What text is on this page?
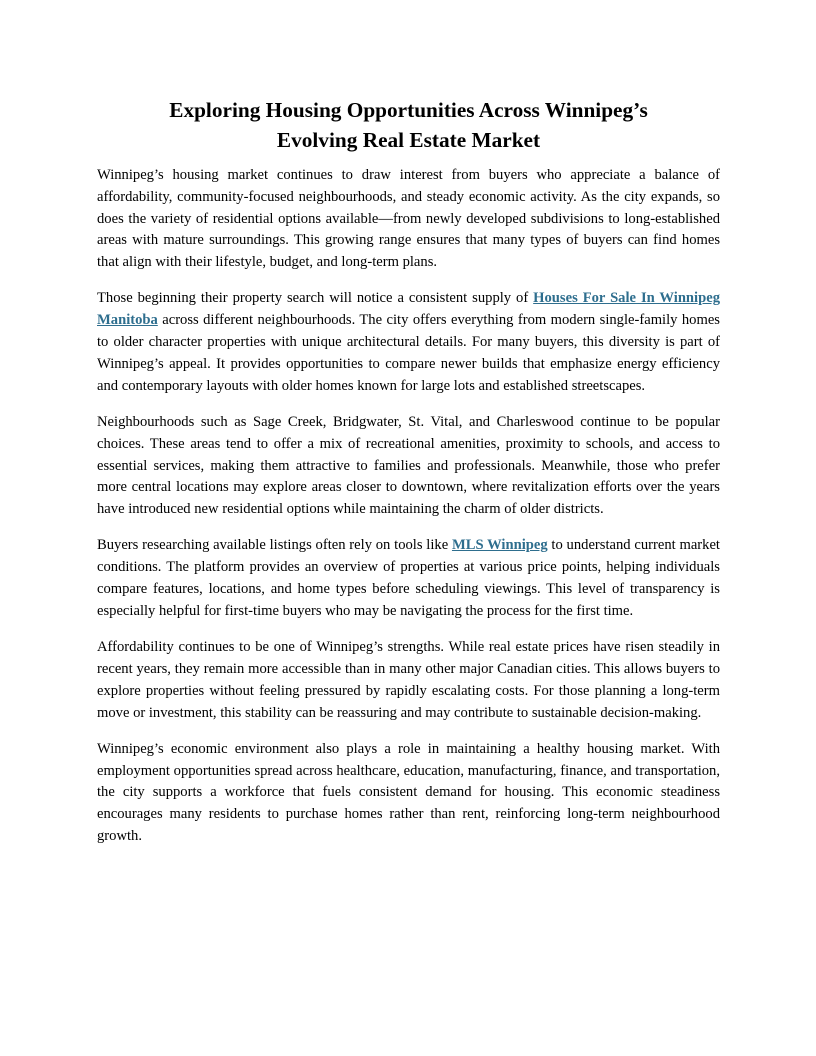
Exploring Housing Opportunities Across Winnipeg’s
Evolving Real Estate Market

Winnipeg’s housing market continues to draw interest from buyers who appreciate a balance of affordability, community-focused neighbourhoods, and steady economic activity. As the city expands, so does the variety of residential options available—from newly developed subdivisions to long-established areas with mature surroundings. This growing range ensures that many types of buyers can find homes that align with their lifestyle, budget, and long-term plans.

Those beginning their property search will notice a consistent supply of Houses For Sale In Winnipeg Manitoba across different neighbourhoods. The city offers everything from modern single-family homes to older character properties with unique architectural details. For many buyers, this diversity is part of Winnipeg’s appeal. It provides opportunities to compare newer builds that emphasize energy efficiency and contemporary layouts with older homes known for large lots and established streetscapes.

Neighbourhoods such as Sage Creek, Bridgwater, St. Vital, and Charleswood continue to be popular choices. These areas tend to offer a mix of recreational amenities, proximity to schools, and access to essential services, making them attractive to families and professionals. Meanwhile, those who prefer more central locations may explore areas closer to downtown, where revitalization efforts over the years have introduced new residential options while maintaining the charm of older districts.

Buyers researching available listings often rely on tools like MLS Winnipeg to understand current market conditions. The platform provides an overview of properties at various price points, helping individuals compare features, locations, and home types before scheduling viewings. This level of transparency is especially helpful for first-time buyers who may be navigating the process for the first time.

Affordability continues to be one of Winnipeg’s strengths. While real estate prices have risen steadily in recent years, they remain more accessible than in many other major Canadian cities. This allows buyers to explore properties without feeling pressured by rapidly escalating costs. For those planning a long-term move or investment, this stability can be reassuring and may contribute to sustainable decision-making.

Winnipeg’s economic environment also plays a role in maintaining a healthy housing market. With employment opportunities spread across healthcare, education, manufacturing, finance, and transportation, the city supports a workforce that fuels consistent demand for housing. This economic steadiness encourages many residents to purchase homes rather than rent, reinforcing long-term neighbourhood growth.
